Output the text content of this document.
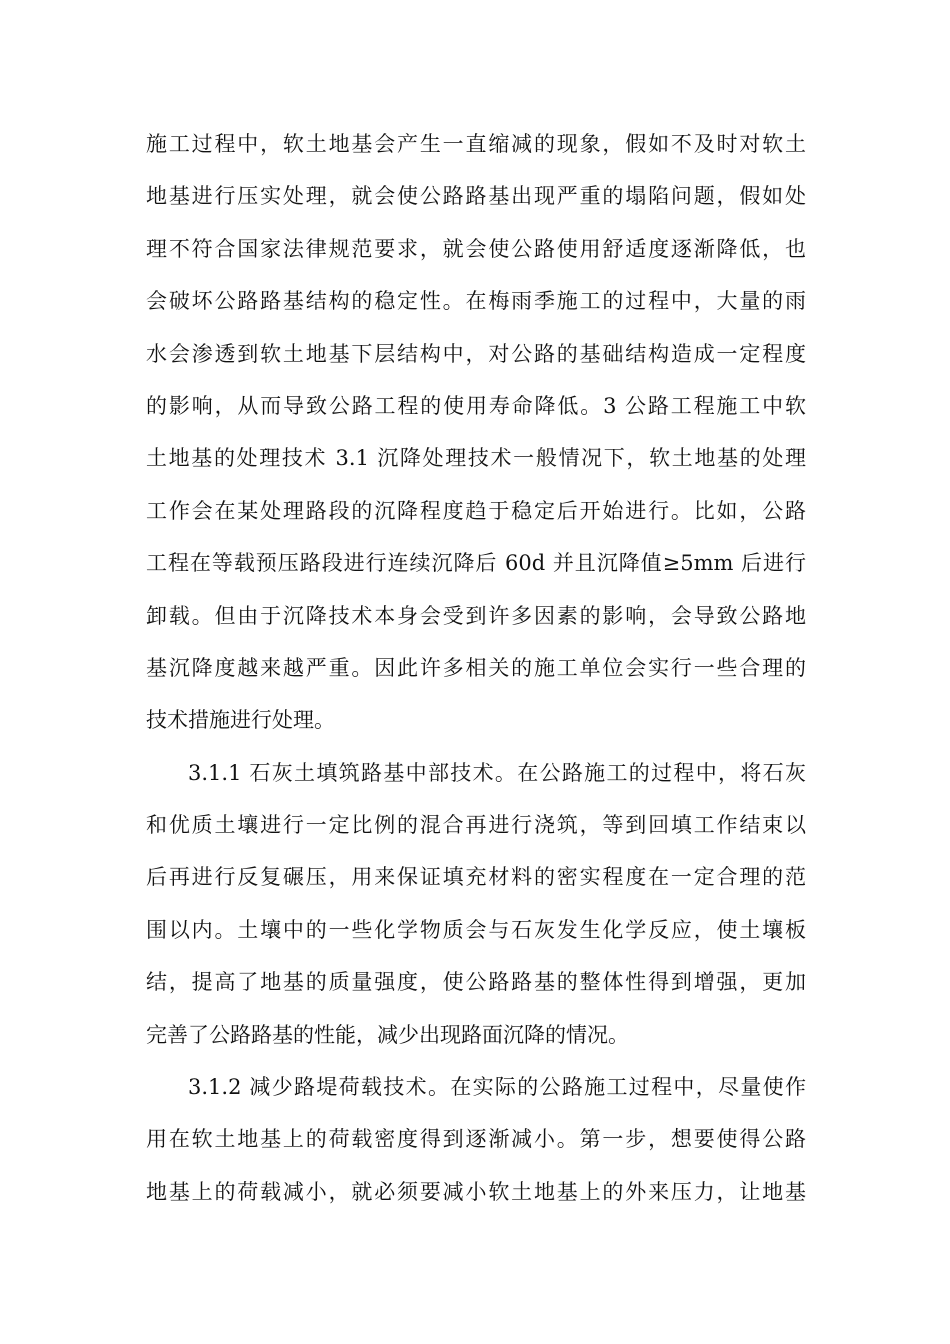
施工过程中，软土地基会产生一直缩减的现象，假如不及时对软土
地基进行压实处理，就会使公路路基出现严重的塌陷问题，假如处
理不符合国家法律规范要求，就会使公路使用舒适度逐渐降低，也
会破坏公路路基结构的稳定性。在梅雨季施工的过程中，大量的雨
水会渗透到软土地基下层结构中，对公路的基础结构造成一定程度
的影响，从而导致公路工程的使用寿命降低。3 公路工程施工中软
土地基的处理技术 3.1 沉降处理技术一般情况下，软土地基的处理
工作会在某处理路段的沉降程度趋于稳定后开始进行。比如，公路
工程在等载预压路段进行连续沉降后 60d 并且沉降值≥5mm 后进行
卸载。但由于沉降技术本身会受到许多因素的影响，会导致公路地
基沉降度越来越严重。因此许多相关的施工单位会实行一些合理的
技术措施进行处理。
3.1.1 石灰土填筑路基中部技术。在公路施工的过程中，将石灰
和优质土壤进行一定比例的混合再进行浇筑，等到回填工作结束以
后再进行反复碾压，用来保证填充材料的密实程度在一定合理的范
围以内。土壤中的一些化学物质会与石灰发生化学反应，使土壤板
结，提高了地基的质量强度，使公路路基的整体性得到增强，更加
完善了公路路基的性能，减少出现路面沉降的情况。
3.1.2 减少路堤荷载技术。在实际的公路施工过程中，尽量使作
用在软土地基上的荷载密度得到逐渐减小。第一步，想要使得公路
地基上的荷载减小，就必须要减小软土地基上的外来压力，让地基
